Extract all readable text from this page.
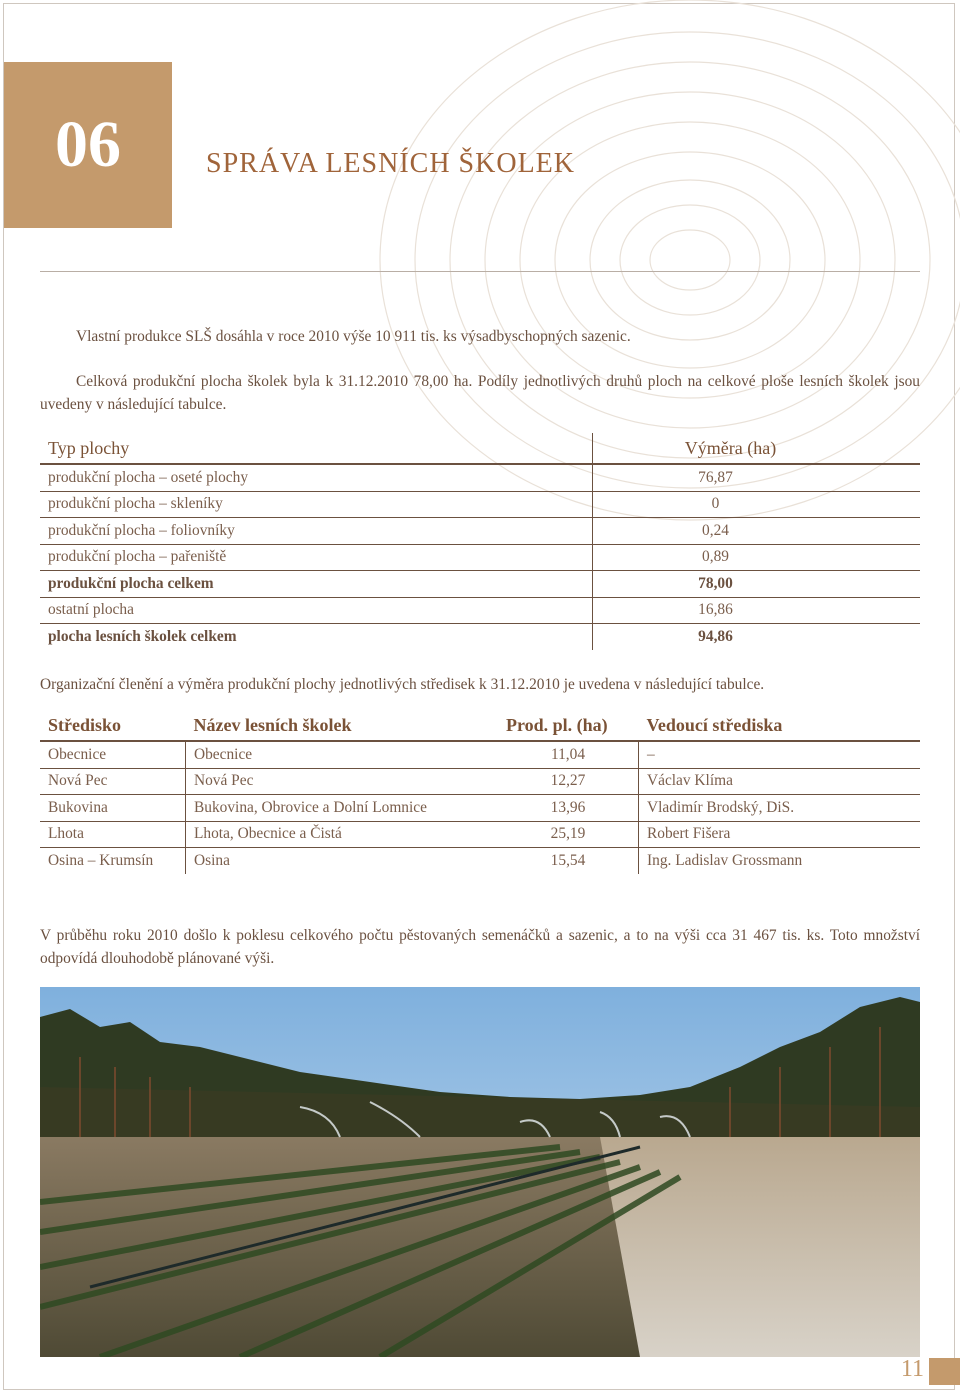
06	SPRÁVA LESNÍCH ŠKOLEK
Vlastní produkce SLŠ dosáhla v roce 2010 výše 10 911 tis. ks výsadbyschopných sazenic.
Celková produkční plocha školek byla k 31.12.2010 78,00 ha. Podíly jednotlivých druhů ploch na celkové ploše lesních školek jsou uvedeny v následující tabulce.
Typ plochy	Výměra (ha)
produkční plocha – oseté plochy	76,87
produkční plocha – skleníky	0
produkční plocha – foliovníky	0,24
produkční plocha – pařeniště	0,89
produkční plocha celkem	78,00
ostatní plocha	16,86
plocha lesních školek celkem	94,86
Organizační členění a výměra produkční plochy jednotlivých středisek k 31.12.2010 je uvedena v následující tabulce.
Středisko	Název lesních školek	Prod. pl. (ha)	Vedoucí střediska
Obecnice	Obecnice	11,04	–
Nová Pec	Nová Pec	12,27	Václav Klíma
Bukovina	Bukovina, Obrovice a Dolní Lomnice	13,96	Vladimír Brodský, DiS.
Lhota	Lhota, Obecnice a Čistá	25,19	Robert Fišera
Osina – Krumsín	Osina	15,54	Ing. Ladislav Grossmann
V průběhu roku 2010 došlo k poklesu celkového počtu pěstovaných semenáčků a sazenic, a to na výši cca 31 467 tis. ks. Toto množství odpovídá dlouhodobě plánované výši.
11
